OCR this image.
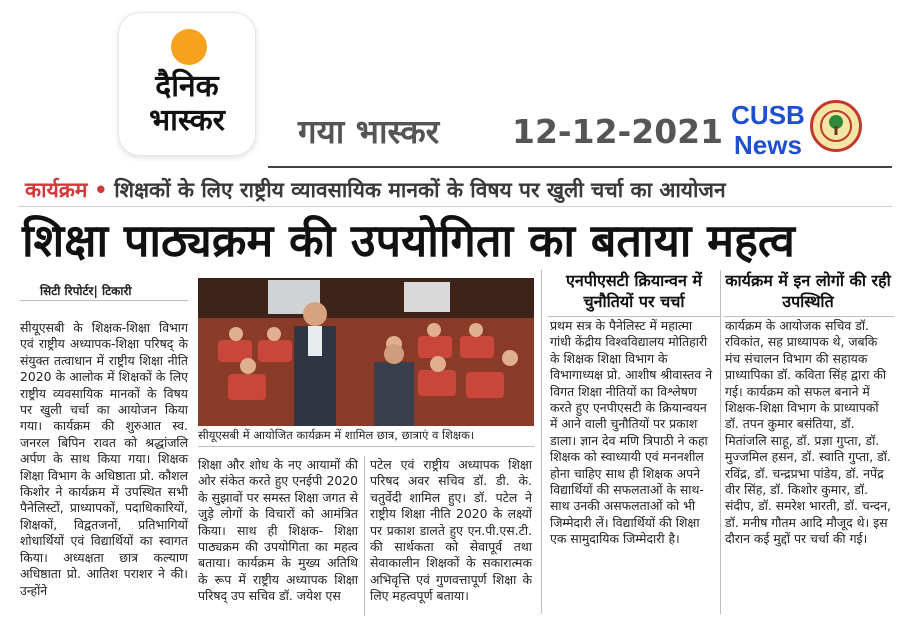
दैनिक
भास्कर	गया भास्कर 12-12-2021 CUSB
News
कार्यक्रम • शिक्षकों के लिए राष्ट्रीय व्यावसायिक मानकों के विषय पर खुली चर्चा का आयोजन
शिक्षा पाठ्यक्रम की उपयोगिता का बताया महत्व
सिटी रिपोर्टर| टिकारी
सीयूएसबी के शिक्षक-शिक्षा विभाग एवं राष्ट्रीय अध्यापक-शिक्षा परिषद् के संयुक्त तत्वाधान में राष्ट्रीय शिक्षा नीति 2020 के आलोक में शिक्षकों के लिए राष्ट्रीय व्यवसायिक मानकों के विषय पर खुली चर्चा का आयोजन किया गया। कार्यक्रम की शुरुआत स्व. जनरल बिपिन रावत को श्रद्धांजलि अर्पण के साथ किया गया। शिक्षक शिक्षा विभाग के अधिष्ठाता प्रो. कौशल किशोर ने कार्यक्रम में उपस्थित सभी पैनेलिस्टों, प्राध्यापकों, पदाधिकारियों, शिक्षकों, विद्वतजनों, प्रतिभागियों शोधार्थियों एवं विद्यार्थियों का स्वागत किया। अध्यक्षता छात्र कल्याण अधिष्ठाता प्रो. आतिश पराशर ने की। उन्होंने
सीयूएसबी में आयोजित कार्यक्रम में शामिल छात्र, छात्राएं व शिक्षक।
शिक्षा और शोध के नए आयामों की ओर संकेत करते हुए एनईपी 2020 के सुझावों पर समस्त शिक्षा जगत से जुड़े लोगों के विचारों को आमंत्रित किया। साथ ही शिक्षक- शिक्षा पाठ्यक्रम की उपयोगिता का महत्व बताया। कार्यक्रम के मुख्य अतिथि के रूप में राष्ट्रीय अध्यापक शिक्षा परिषद् उप सचिव डॉ. जयेश एस
पटेल एवं राष्ट्रीय अध्यापक शिक्षा परिषद अवर सचिव डॉ. डी. के. चतुर्वेदी शामिल हुए। डॉ. पटेल ने राष्ट्रीय शिक्षा नीति 2020 के लक्ष्यों पर प्रकाश डालते हुए एन.पी.एस.टी. की सार्थकता को सेवापूर्व तथा सेवाकालीन शिक्षकों के सकारात्मक अभिवृत्ति एवं गुणवत्तापूर्ण शिक्षा के लिए महत्वपूर्ण बताया।
एनपीएसटी क्रियान्वन में चुनौतियों पर चर्चा
प्रथम सत्र के पैनेलिस्ट में महात्मा गांधी केंद्रीय विश्वविद्यालय मोतिहारी के शिक्षक शिक्षा विभाग के विभागाध्यक्ष प्रो. आशीष श्रीवास्तव ने विगत शिक्षा नीतियों का विश्लेषण करते हुए एनपीएसटी के क्रियान्वयन में आने वाली चुनौतियों पर प्रकाश डाला। ज्ञान देव मणि त्रिपाठी ने कहा शिक्षक को स्वाध्यायी एवं मननशील होना चाहिए साथ ही शिक्षक अपने विद्यार्थियों की सफलताओं के साथ-साथ उनकी असफलताओं को भी जिम्मेदारी लें। विद्यार्थियों की शिक्षा एक सामुदायिक जिम्मेदारी है।
कार्यक्रम में इन लोगों की रही उपस्थिति
कार्यक्रम के आयोजक सचिव डॉ. रविकांत, सह प्राध्यापक थे, जबकि मंच संचालन विभाग की सहायक प्राध्यापिका डॉ. कविता सिंह द्वारा की गई। कार्यक्रम को सफल बनाने में शिक्षक-शिक्षा विभाग के प्राध्यापकों डॉ. तपन कुमार बसंतिया, डॉ. मितांजलि साहू, डॉ. प्रज्ञा गुप्ता, डॉ. मुज्जमिल हसन, डॉ. स्वाति गुप्ता, डॉ. रविंद्र, डॉ. चन्द्रप्रभा पांडेय, डॉ. नपेंद्र वीर सिंह, डॉ. किशोर कुमार, डॉ. संदीप, डॉ. समरेश भारती, डॉ. चन्दन, डॉ. मनीष गौतम आदि मौजूद थे। इस दौरान कई मुद्दों पर चर्चा की गई।
